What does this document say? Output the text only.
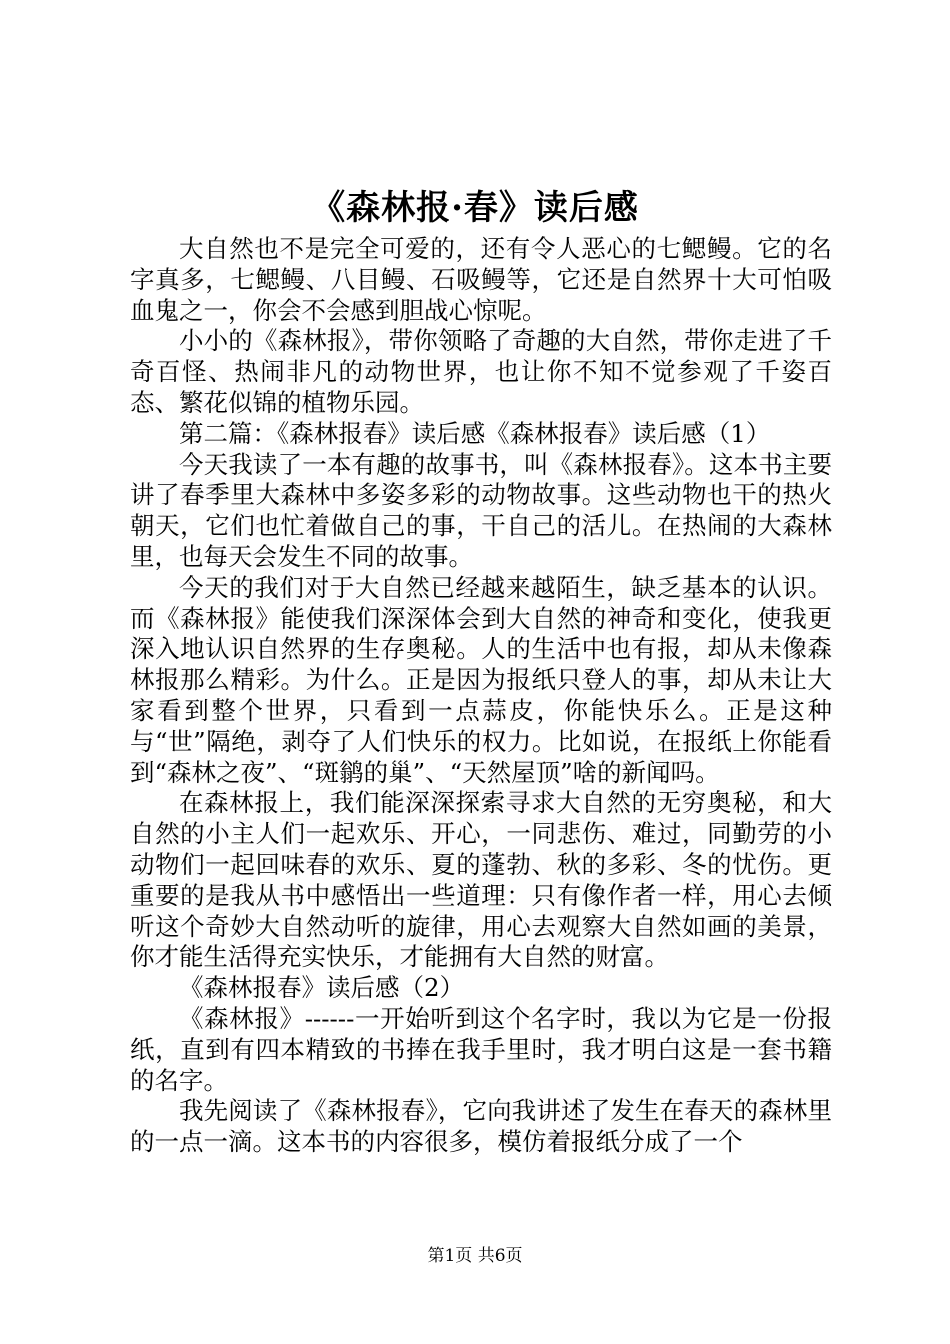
《森林报·春》读后感

大自然也不是完全可爱的，还有令人恶心的七鳃鳗。它的名字真多，七鳃鳗、八目鳗、石吸鳗等，它还是自然界十大可怕吸血鬼之一，你会不会感到胆战心惊呢。

小小的《森林报》，带你领略了奇趣的大自然，带你走进了千奇百怪、热闹非凡的动物世界，也让你不知不觉参观了千姿百态、繁花似锦的植物乐园。

第二篇：《森林报春》读后感《森林报春》读后感（1）

今天我读了一本有趣的故事书，叫《森林报春》。这本书主要讲了春季里大森林中多姿多彩的动物故事。这些动物也干的热火朝天，它们也忙着做自己的事，干自己的活儿。在热闹的大森林里，也每天会发生不同的故事。

今天的我们对于大自然已经越来越陌生，缺乏基本的认识。而《森林报》能使我们深深体会到大自然的神奇和变化，使我更深入地认识自然界的生存奥秘。人的生活中也有报，却从未像森林报那么精彩。为什么。正是因为报纸只登人的事，却从未让大家看到整个世界，只看到一点蒜皮，你能快乐么。正是这种与“世”隔绝，剥夺了人们快乐的权力。比如说，在报纸上你能看到“森林之夜”、“斑鹟的巢”、“天然屋顶”啥的新闻吗。

在森林报上，我们能深深探索寻求大自然的无穷奥秘，和大自然的小主人们一起欢乐、开心，一同悲伤、难过，同勤劳的小动物们一起回味春的欢乐、夏的蓬勃、秋的多彩、冬的忧伤。更重要的是我从书中感悟出一些道理：只有像作者一样，用心去倾听这个奇妙大自然动听的旋律，用心去观察大自然如画的美景，你才能生活得充实快乐，才能拥有大自然的财富。

《森林报春》读后感（2）

《森林报》------一开始听到这个名字时，我以为它是一份报纸，直到有四本精致的书捧在我手里时，我才明白这是一套书籍的名字。

我先阅读了《森林报春》，它向我讲述了发生在春天的森林里的一点一滴。这本书的内容很多，模仿着报纸分成了一个

第1页 共6页
